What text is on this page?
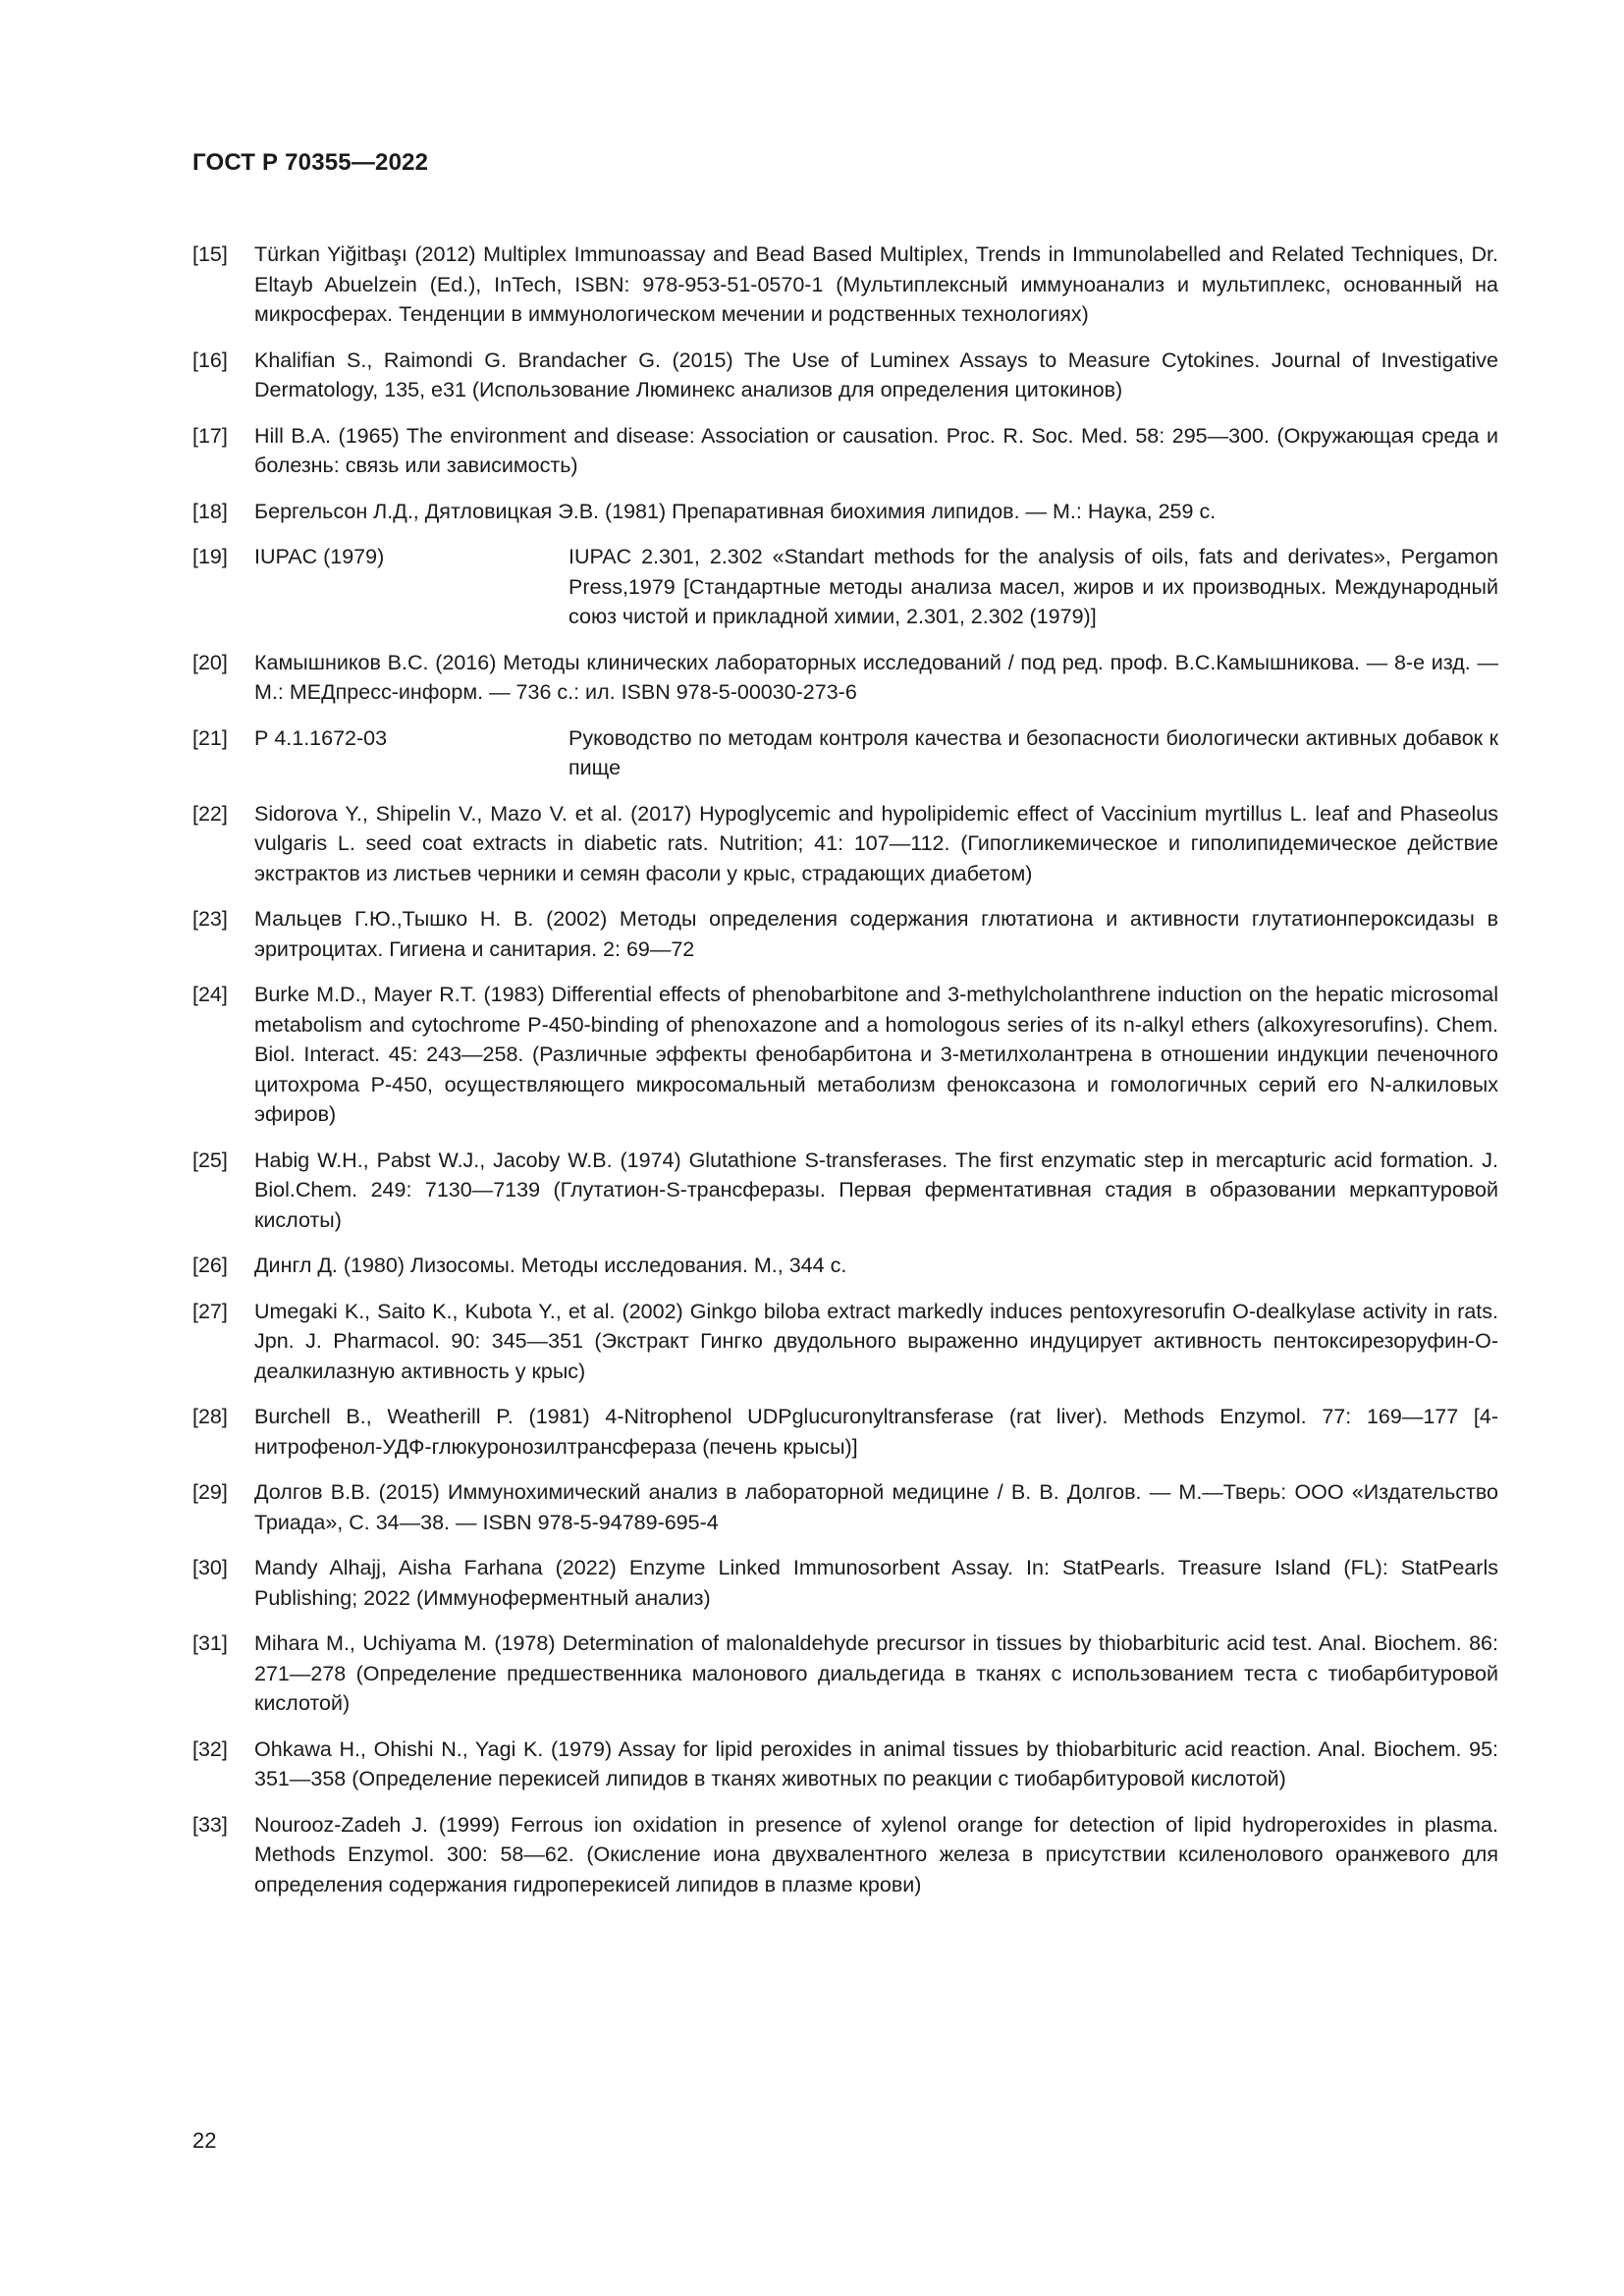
ГОСТ Р 70355—2022
[15]	Türkan Yiğitbaşı (2012) Multiplex Immunoassay and Bead Based Multiplex, Trends in Immunolabelled and Related Techniques, Dr. Eltayb Abuelzein (Ed.), InTech, ISBN: 978-953-51-0570-1 (Мультиплексный иммуноанализ и мультиплекс, основанный на микросферах. Тенденции в иммунологическом мечении и родственных технологиях)
[16]	Khalifian S., Raimondi G. Brandacher G. (2015) The Use of Luminex Assays to Measure Cytokines. Journal of Investigative Dermatology, 135, e31 (Использование Люминекс анализов для определения цитокинов)
[17]	Hill B.A. (1965) The environment and disease: Association or causation. Proc. R. Soc. Med. 58: 295—300. (Окружающая среда и болезнь: связь или зависимость)
[18]	Бергельсон Л.Д., Дятловицкая Э.В. (1981) Препаративная биохимия липидов. — М.: Наука, 259 с.
[19]	IUPAC (1979)	IUPAC 2.301, 2.302 «Standart methods for the analysis of oils, fats and derivates», Pergamon Press,1979 [Стандартные методы анализа масел, жиров и их производных. Международный союз чистой и прикладной химии, 2.301, 2.302 (1979)]
[20]	Камышников В.С. (2016) Методы клинических лабораторных исследований / под ред. проф. В.С.Камышникова. — 8-е изд. — М.: МЕДпресс-информ. — 736 с.: ил. ISBN 978-5-00030-273-6
[21]	Р 4.1.1672-03	Руководство по методам контроля качества и безопасности биологически активных добавок к пище
[22]	Sidorova Y., Shipelin V., Mazo V. et al. (2017) Hypoglycemic and hypolipidemic effect of Vaccinium myrtillus L. leaf and Phaseolus vulgaris L. seed coat extracts in diabetic rats. Nutrition; 41: 107—112. (Гипогликемическое и гиполипидемическое действие экстрактов из листьев черники и семян фасоли у крыс, страдающих диабетом)
[23]	Мальцев Г.Ю.,Тышко Н. В. (2002) Методы определения содержания глютатиона и активности глутатионпероксидазы в эритроцитах. Гигиена и санитария. 2: 69—72
[24]	Burke M.D., Mayer R.T. (1983) Differential effects of phenobarbitone and 3-methylcholanthrene induction on the hepatic microsomal metabolism and cytochrome P-450-binding of phenoxazone and a homologous series of its n-alkyl ethers (alkoxyresorufins). Chem. Biol. Interact. 45: 243—258. (Различные эффекты фенобарбитона и 3-метилхолантрена в отношении индукции печеночного цитохрома Р-450, осуществляющего микросомальный метаболизм феноксазона и гомологичных серий его N-алкиловых эфиров)
[25]	Habig W.H., Pabst W.J., Jacoby W.B. (1974) Glutathione S-transferases. The first enzymatic step in mercapturic acid formation. J. Biol.Chem. 249: 7130—7139 (Глутатион-S-трансферазы. Первая ферментативная стадия в образовании меркаптуровой кислоты)
[26]	Дингл Д. (1980) Лизосомы. Методы исследования. М., 344 с.
[27]	Umegaki K., Saito K., Kubota Y., et al. (2002) Ginkgo biloba extract markedly induces pentoxyresorufin O-dealkylase activity in rats. Jpn. J. Pharmacol. 90: 345—351 (Экстракт Гингко двудольного выраженно индуцирует активность пентоксирезоруфин-О-деалкилазную активность у крыс)
[28]	Burchell B., Weatherill P. (1981) 4-Nitrophenol UDPglucuronyltransferase (rat liver). Methods Enzymol. 77: 169—177 [4-нитрофенол-УДФ-глюкуронозилтрансфераза (печень крысы)]
[29]	Долгов В.В. (2015) Иммунохимический анализ в лабораторной медицине / В. В. Долгов. — М.—Тверь: ООО «Издательство Триада», С. 34—38. — ISBN 978-5-94789-695-4
[30]	Mandy Alhajj, Aisha Farhana (2022) Enzyme Linked Immunosorbent Assay. In: StatPearls. Treasure Island (FL): StatPearls Publishing; 2022 (Иммуноферментный анализ)
[31]	Mihara M., Uchiyama M. (1978) Determination of malonaldehyde precursor in tissues by thiobarbituric acid test. Anal. Biochem. 86: 271—278 (Определение предшественника малонового диальдегида в тканях с использованием теста с тиобарбитуровой кислотой)
[32]	Ohkawa H., Ohishi N., Yagi K. (1979) Assay for lipid peroxides in animal tissues by thiobarbituric acid reaction. Anal. Biochem. 95: 351—358 (Определение перекисей липидов в тканях животных по реакции с тиобарбитуровой кислотой)
[33]	Nourooz-Zadeh J. (1999) Ferrous ion oxidation in presence of xylenol orange for detection of lipid hydroperoxides in plasma. Methods Enzymol. 300: 58—62. (Окисление иона двухвалентного железа в присутствии ксиленолового оранжевого для определения содержания гидроперекисей липидов в плазме крови)
22
